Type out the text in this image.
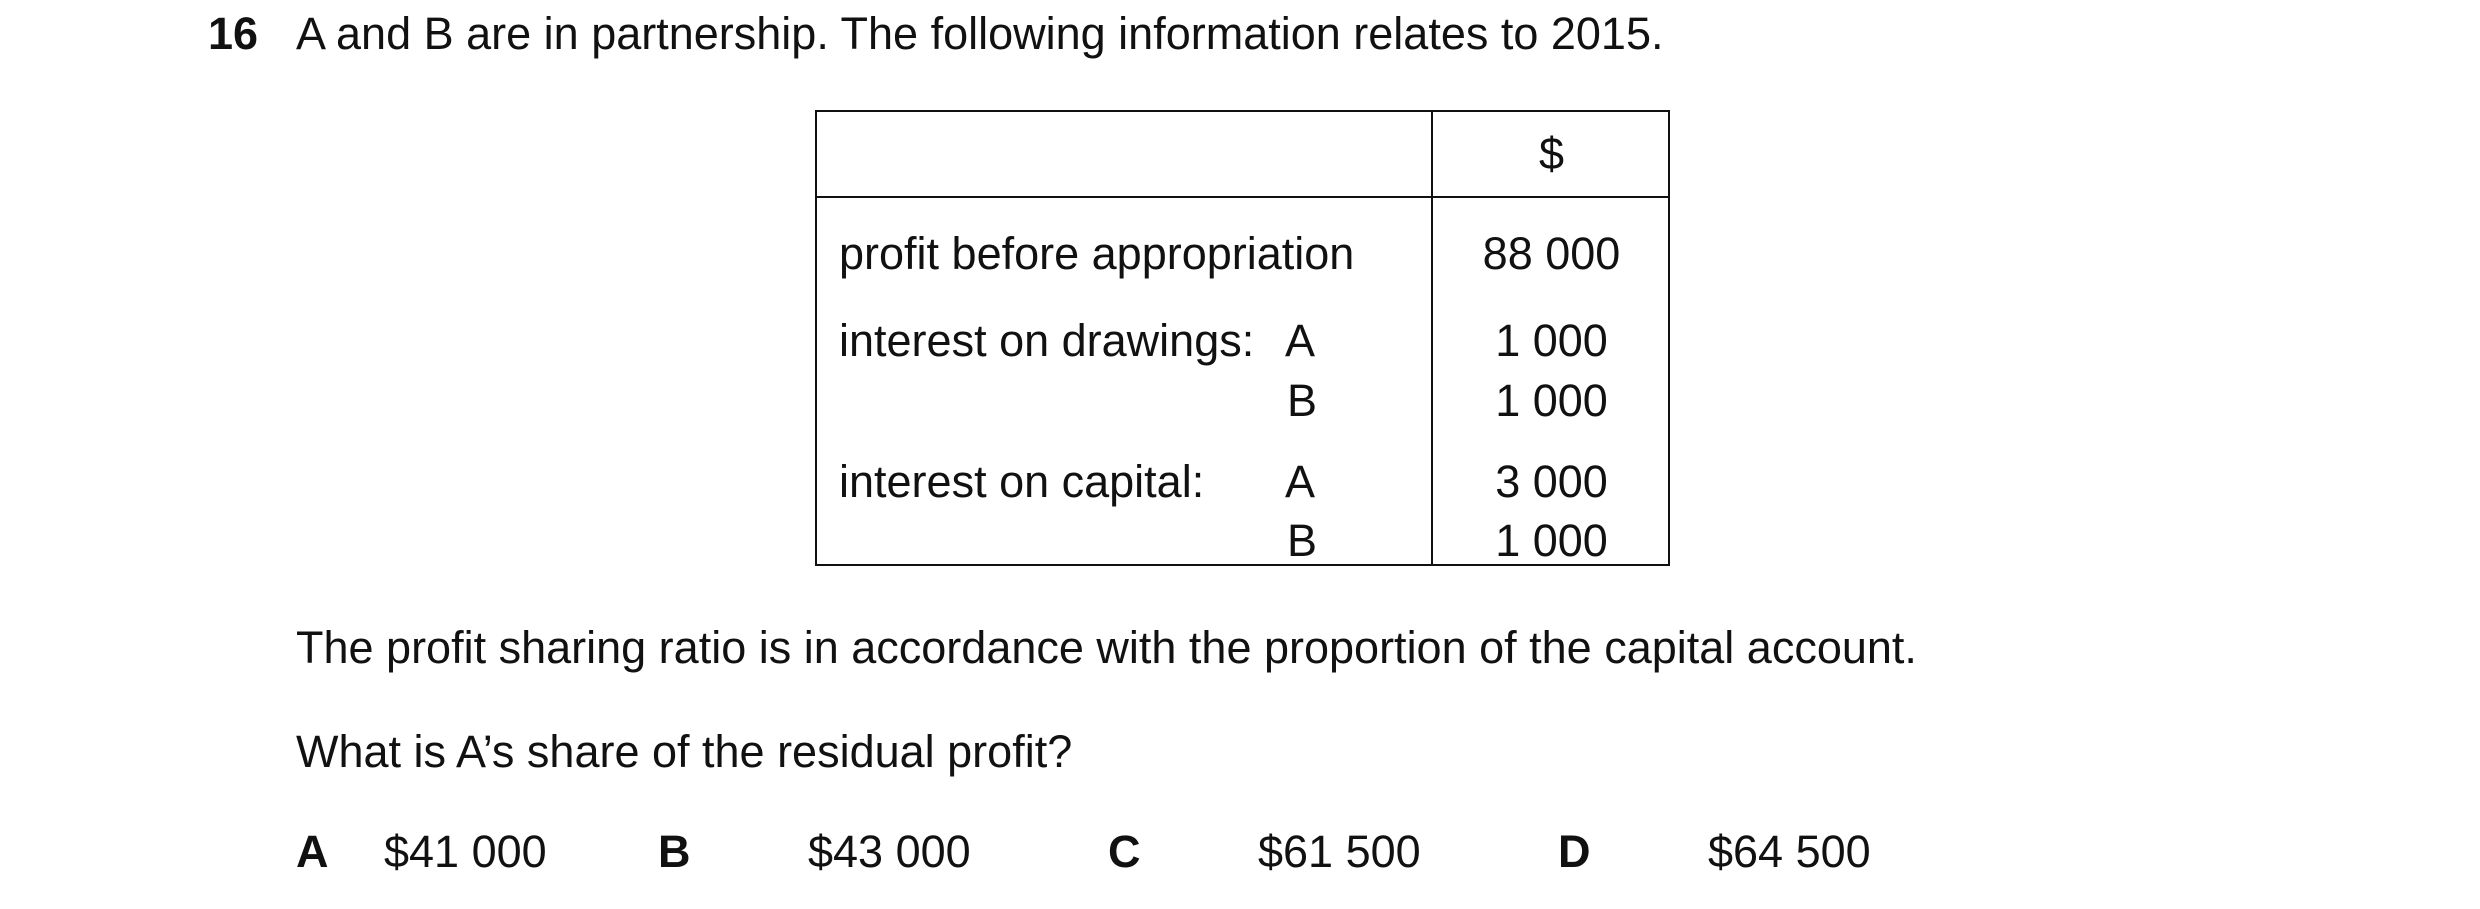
16 A and B are in partnership. The following information relates to 2015.
$
profit before appropriation	88 000
interest on drawings: A	1 000
B	1 000
interest on capital: A	3 000
B	1 000
The profit sharing ratio is in accordance with the proportion of the capital account.
What is A’s share of the residual profit?
A $41 000 B	$43 000	C	$61 500	D	$64 500
